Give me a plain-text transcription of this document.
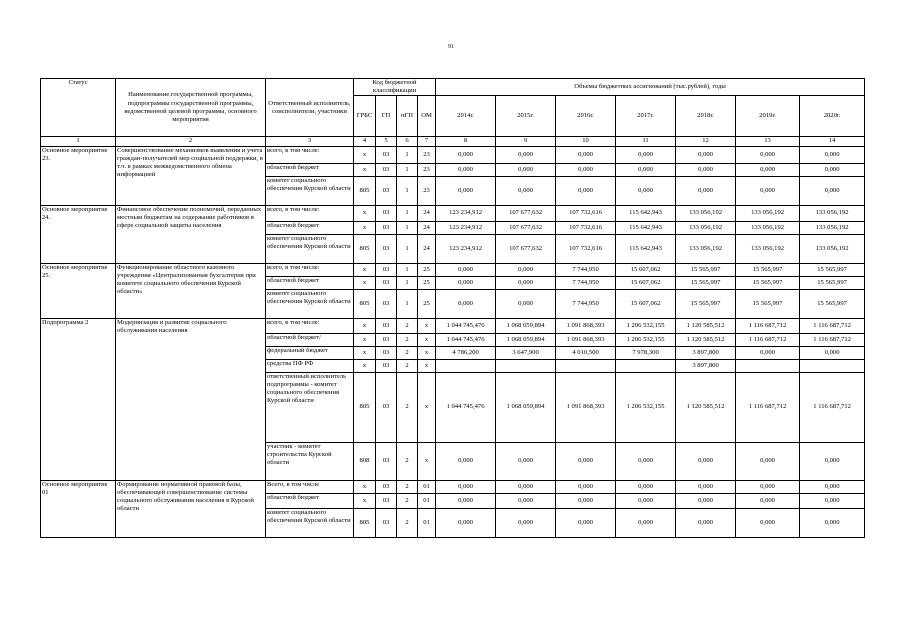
91
Статус	Наименование государственной программы, подпрограммы государственной программы, ведомственной целевой программы, основного мероприятия	Ответственный исполнитель, соисполнители, участники	Код бюджетной классификации				Объемы бюджетных ассигнований (тыс.рублей), годы						
			ГРБС	ГП	пГП	ОМ	2014г.	2015г.	2016г.	2017г.	2018г.	2019г.	2020г.
1	2	3	4	5	6	7	8	9	10	11	12	13	14
Основное мероприятие 23.	Совершенствование механизмов выявления и учета граждан-получателей мер социальной поддержки, в т.ч. в рамках межведомственного обмена информацией	всего, в том числе:	х	03	1	23	0,000	0,000	0,000	0,000	0,000	0,000	0,000
		областной бюджет	х	03	1	23	0,000	0,000	0,000	0,000	0,000	0,000	0,000
		комитет социального обеспечения Курской области	805	03	1	23	0,000	0,000	0,000	0,000	0,000	0,000	0,000
Основное мероприятие 24.	Финансовое обеспечение полномочий, переданных местным бюджетам на содержание работников в сфере социальной защиты населения	всего, в том числе:	х	03	1	24	123 234,912	107 677,632	107 732,616	115 642,943	133 056,192	133 056,192	133 056,192
		областной бюджет	х	03	1	24	123 234,912	107 677,632	107 732,616	115 642,943	133 056,192	133 056,192	133 056,192
		комитет социального обеспечения Курской области	805	03	1	24	123 234,912	107 677,632	107 732,616	115 642,943	133 056,192	133 056,192	133 056,192
Основное мероприятие 25.	Функционирование областного казенного учреждения «Централизованная бухгалтерия при комитете социального обеспечения Курской области»	всего, в том числе:	х	03	1	25	0,000	0,000	7 744,950	15 607,062	15 565,997	15 565,997	15 565,997
		областной бюджет	х	03	1	25	0,000	0,000	7 744,950	15 607,062	15 565,997	15 565,997	15 565,997
		комитет социального обеспечения Курской области	805	03	1	25	0,000	0,000	7 744,950	15 607,062	15 565,997	15 565,997	15 565,997
Подпрограмма 2	Модернизация и развитие социального обслуживания населения	всего, в том числе:	х	03	2	х	1 044 745,476	1 068 059,894	1 091 868,393	1 206 532,155	1 120 585,512	1 116 687,712	1 116 687,712
		областной бюджет/	х	03	2	х	1 044 745,476	1 068 059,894	1 091 868,393	1 206 532,155	1 120 585,512	1 116 687,712	1 116 687,712
		федеральный бюджет	х	03	2	х	4 786,200	3 647,900	4 010,500	7 978,300	3 897,800	0,000	0,000
		средства ПФ РФ	х	03	2	х					3 897,800		
		ответственный исполнитель подпрограммы - комитет социального обеспечения Курской области	805	03	2	х	1 044 745,476	1 068 059,894	1 091 868,393	1 206 532,155	1 120 585,512	1 116 687,712	1 116 687,712
		участник - комитет строительства Курской области	808	03	2	х	0,000	0,000	0,000	0,000	0,000	0,000	0,000
Основное мероприятие 01	Формирование нормативной правовой базы, обеспечивающей совершенствование системы социального обслуживания населения в Курской области	Всего, в том числе	х	03	2	01	0,000	0,000	0,000	0,000	0,000	0,000	0,000
		областной бюджет	х	03	2	01	0,000	0,000	0,000	0,000	0,000	0,000	0,000
		комитет социального обеспечения Курской области	805	03	2	01	0,000	0,000	0,000	0,000	0,000	0,000	0,000
